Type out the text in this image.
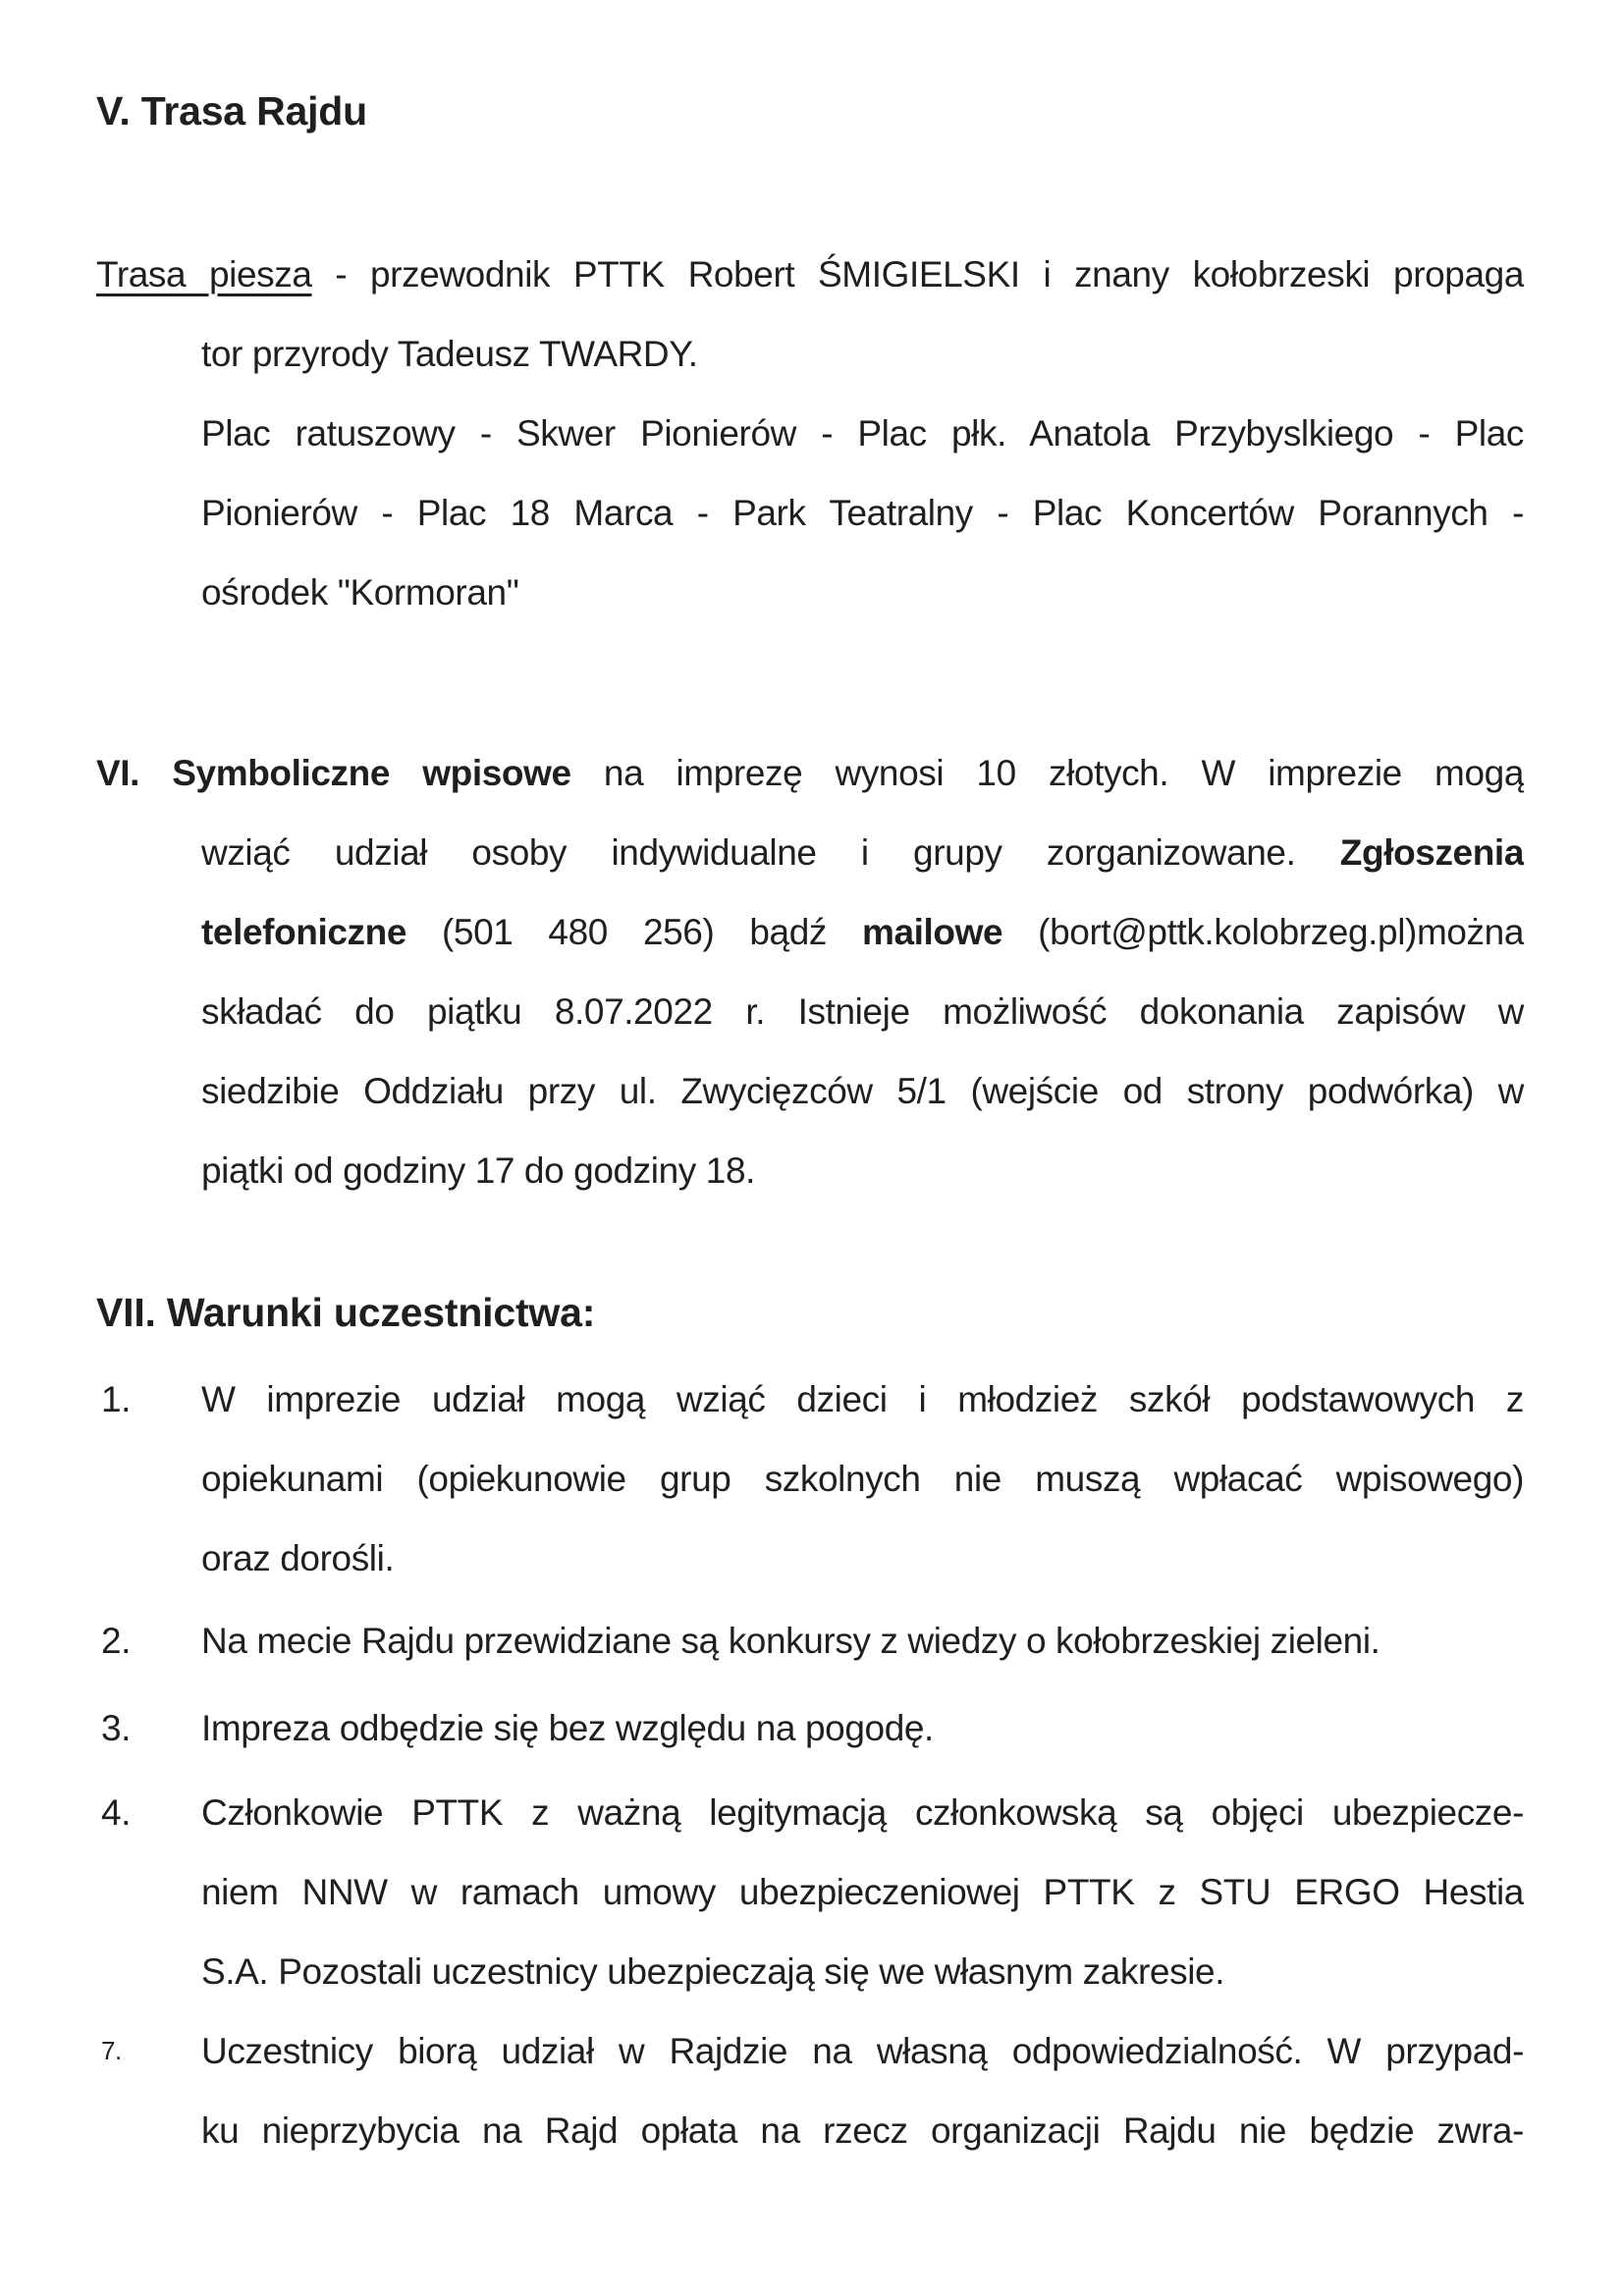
V. Trasa Rajdu
Trasa piesza - przewodnik PTTK Robert ŚMIGIELSKI i znany kołobrzeski propaga
tor przyrody Tadeusz TWARDY.
Plac ratuszowy - Skwer Pionierów - Plac płk. Anatola Przybyslkiego - Plac
Pionierów - Plac 18 Marca - Park Teatralny - Plac Koncertów Porannych -
ośrodek "Kormoran"
VI. Symboliczne wpisowe na imprezę wynosi 10 złotych. W imprezie mogą
wziąć udział osoby indywidualne i grupy zorganizowane. Zgłoszenia
telefoniczne (501 480 256) bądź mailowe (bort@pttk.kolobrzeg.pl)można
składać do piątku 8.07.2022 r. Istnieje możliwość dokonania zapisów w
siedzibie Oddziału przy ul. Zwycięzców 5/1 (wejście od strony podwórka) w
piątki od godziny 17 do godziny 18.
VII. Warunki uczestnictwa:
1. W imprezie udział mogą wziąć dzieci i młodzież szkół podstawowych z
opiekunami (opiekunowie grup szkolnych nie muszą wpłacać wpisowego)
oraz dorośli.
2. Na mecie Rajdu przewidziane są konkursy z wiedzy o kołobrzeskiej zieleni.
3. Impreza odbędzie się bez względu na pogodę.
4. Członkowie PTTK z ważną legitymacją członkowską są objęci ubezpiecze-
niem NNW w ramach umowy ubezpieczeniowej PTTK z STU ERGO Hestia
S.A. Pozostali uczestnicy ubezpieczają się we własnym zakresie.
7. Uczestnicy biorą udział w Rajdzie na własną odpowiedzialność. W przypad-
ku nieprzybycia na Rajd opłata na rzecz organizacji Rajdu nie będzie zwra-
